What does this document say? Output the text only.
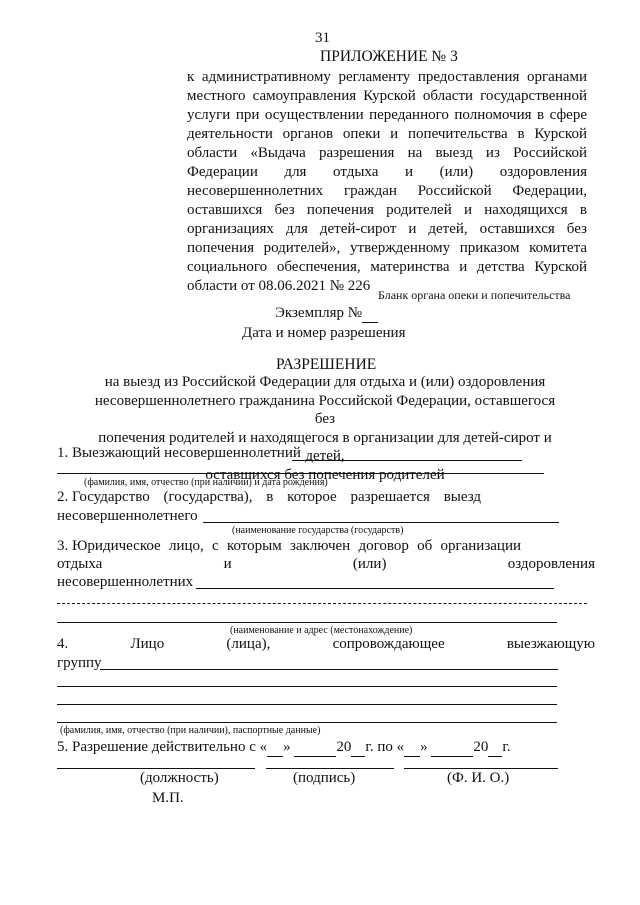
31
ПРИЛОЖЕНИЕ № 3
к административному регламенту предоставления органами местного самоуправления Курской области государственной услуги при осуществлении переданного полномочия в сфере деятельности органов опеки и попечительства в Курской области «Выдача разрешения на выезд из Российской Федерации для отдыха и (или) оздоровления несовершеннолетних граждан Российской Федерации, оставшихся без попечения родителей и находящихся в организациях для детей-сирот и детей, оставшихся без попечения родителей», утвержденному приказом комитета социального обеспечения, материнства и детства Курской области от 08.06.2021 № 226
Бланк органа опеки и попечительства
Экземпляр №
Дата и номер разрешения
РАЗРЕШЕНИЕ
на выезд из Российской Федерации для отдыха и (или) оздоровления
несовершеннолетнего гражданина Российской Федерации, оставшегося без
попечения родителей и находящегося в организации для детей-сирот и детей,
оставшихся без попечения родителей
1. Выезжающий несовершеннолетний
(фамилия, имя, отчество (при наличии) и дата рождения)
2. Государство (государства), в которое разрешается выезд
несовершеннолетнего
(наименование государства (государств)
3. Юридическое лицо, с которым заключен договор об организации
отдыха	и	(или)	оздоровления
несовершеннолетних
(наименование и адрес (местонахождение)
4.	Лицо	(лица),	сопровождающее	выезжающую
группу
(фамилия, имя, отчество (при наличии), паспортные данные)
5. Разрешение действительно с « »	20 г. по « »	20 г.
(должность)	(подпись)	(Ф. И. О.)
М.П.
